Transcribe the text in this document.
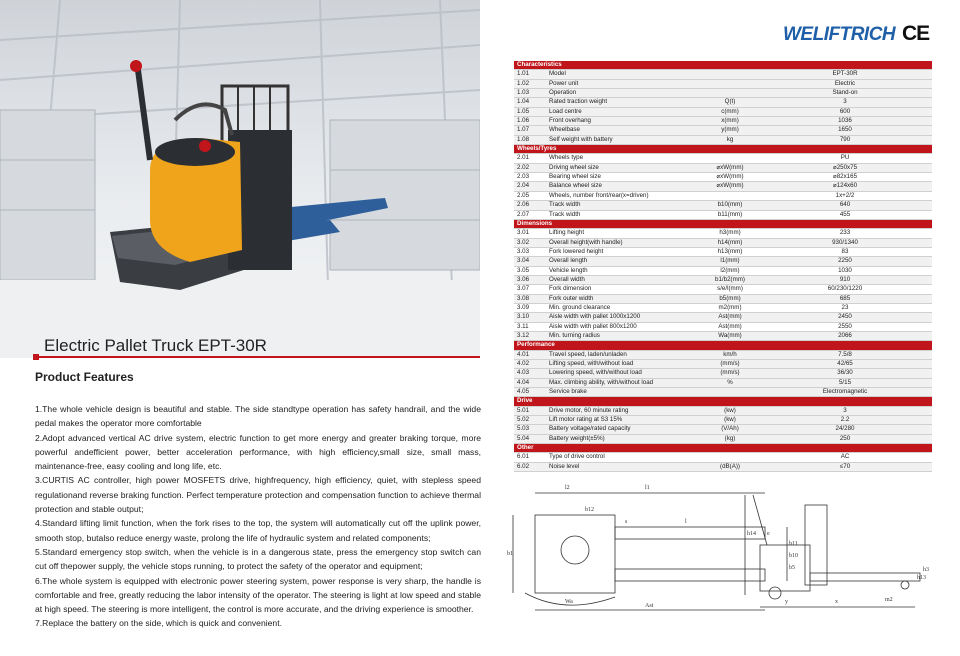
Electric Pallet Truck EPT-30R
Product Features

1.The whole vehicle design is beautiful and stable. The side standtype operation has safety handrail, and the wide pedal makes the operator more comfortable

2.Adopt advanced vertical AC drive system, electric function to get more energy and greater braking torque, more powerful andefficient power, better acceleration performance, with high efficiency,small size, small mass, maintenance-free, easy cooling and long life, etc.

3.CURTIS AC controller, high power MOSFETS drive, highfrequency, high efficiency, quiet, with stepless speed regulationand reverse braking function. Perfect temperature protection and compensation function to achieve thermal protection and stable output;

4.Standard lifting limit function, when the fork rises to the top, the system will automatically cut off the uplink power, smooth stop, butalso reduce energy waste, prolong the life of hydraulic system and related components;

5.Standard emergency stop switch, when the vehicle is in a dangerous state, press the emergency stop switch can cut off thepower supply, the vehicle stops running, to protect the safety of the operator and equipment;

6.The whole system is equipped with electronic power steering system, power response is very sharp, the handle is comfortable and free, greatly reducing the labor intensity of the operator. The steering is light at low speed and stable at high speed. The steering is more intelligent, the control is more accurate, and the driving experience is smoother.

7.Replace the battery on the side, which is quick and convenient.

WELIFTRICH CE
Characteristics			
1.01	Model		EPT-30R
1.02	Power unit		Electric
1.03	Operation		Stand-on
1.04	Rated traction weight	Q(t)	3
1.05	Load centre	c(mm)	600
1.06	Front overhang	x(mm)	1036
1.07	Wheelbase	y(mm)	1650
1.08	Self weight with battery	kg	790
Wheels/Tyres			
2.01	Wheels type		PU
2.02	Driving wheel size	⌀xW(mm)	⌀250x75
2.03	Bearing wheel size	⌀xW(mm)	⌀82x165
2.04	Balance wheel size	⌀xW(mm)	⌀124x60
2.05	Wheels, number front/rear(x=driven)		1x+2/2
2.06	Track width	b10(mm)	640
2.07	Track width	b11(mm)	455
Dimensions			
3.01	Lifting height	h3(mm)	233
3.02	Overall height(with handle)	h14(mm)	930/1340
3.03	Fork lowered height	h13(mm)	83
3.04	Overall length	l1(mm)	2250
3.05	Vehicle length	l2(mm)	1030
3.06	Overall width	b1/b2(mm)	910
3.07	Fork dimension	s/e/l(mm)	60/230/1220
3.08	Fork outer width	b5(mm)	685
3.09	Min. ground clearance	m2(mm)	23
3.10	Aisle width with pallet 1000x1200	Ast(mm)	2450
3.11	Aisle width with pallet 800x1200	Ast(mm)	2550
3.12	Min. turning radius	Wa(mm)	2066
Performance			
4.01	Travel speed, laden/unladen	km/h	7.5/8
4.02	Lifting speed, with/without load	(mm/s)	42/65
4.03	Lowering speed, with/without load	(mm/s)	36/30
4.04	Max. climbing ability, with/without load	%	5/15
4.05	Service brake		Electromagnetic
Drive			
5.01	Drive motor, 60 minute rating	(kw)	3
5.02	Lift motor rating at S3 15%	(kw)	2.2
5.03	Battery voltage/rated capacity	(V/Ah)	24/280
5.04	Battery weight(±5%)	(kg)	250
Other			
6.01	Type of drive control		AC
6.02	Noise level	(dB(A))	≤70
l1
l2
s	l
b12
e
b11
b10
b5
b1
Wa
Ast
h14
h13
h3
m2
x
y
